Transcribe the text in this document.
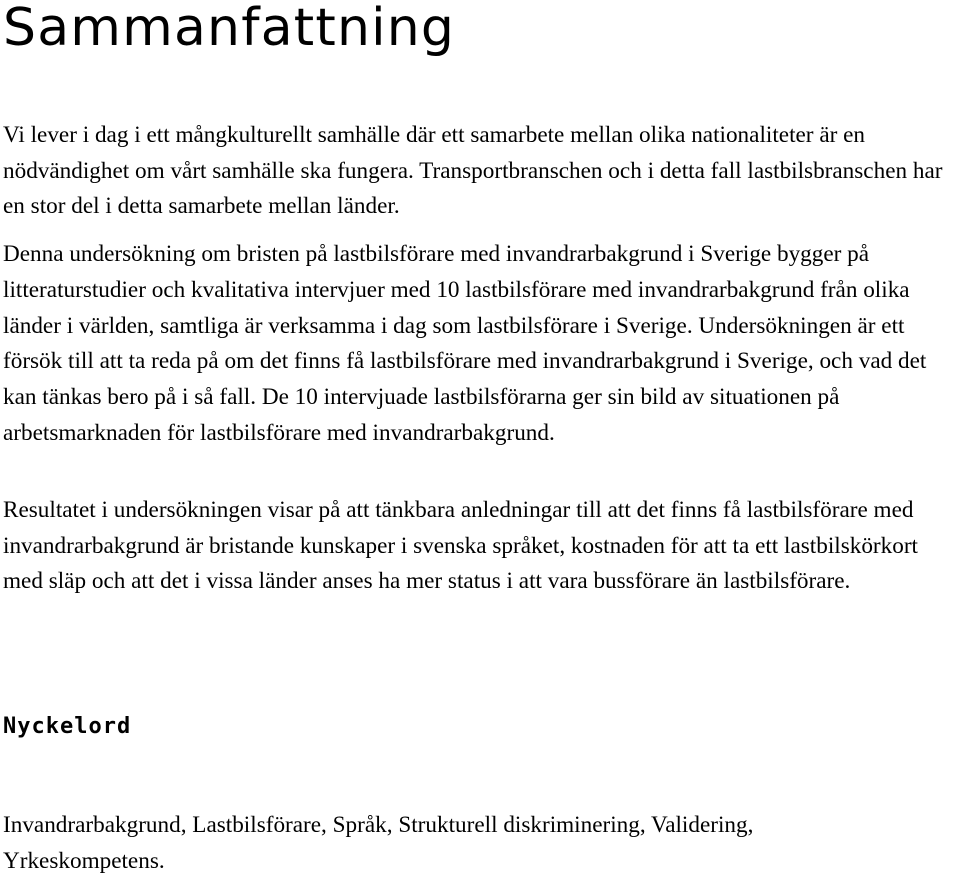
Sammanfattning

Vi lever i dag i ett mångkulturellt samhälle där ett samarbete mellan olika nationaliteter är en nödvändighet om vårt samhälle ska fungera. Transportbranschen och i detta fall lastbilsbranschen har en stor del i detta samarbete mellan länder.

Denna undersökning om bristen på lastbilsförare med invandrarbakgrund i Sverige bygger på litteraturstudier och kvalitativa intervjuer med 10 lastbilsförare med invandrarbakgrund från olika länder i världen, samtliga är verksamma i dag som lastbilsförare i Sverige. Undersökningen är ett försök till att ta reda på om det finns få lastbilsförare med invandrarbakgrund i Sverige, och vad det kan tänkas bero på i så fall. De 10 intervjuade lastbilsförarna ger sin bild av situationen på arbetsmarknaden för lastbilsförare med invandrarbakgrund.

Resultatet i undersökningen visar på att tänkbara anledningar till att det finns få lastbilsförare med invandrarbakgrund är bristande kunskaper i svenska språket, kostnaden för att ta ett lastbilskörkort med släp och att det i vissa länder anses ha mer status i att vara bussförare än lastbilsförare.

Nyckelord

Invandrarbakgrund, Lastbilsförare, Språk, Strukturell diskriminering, Validering, Yrkeskompetens.
